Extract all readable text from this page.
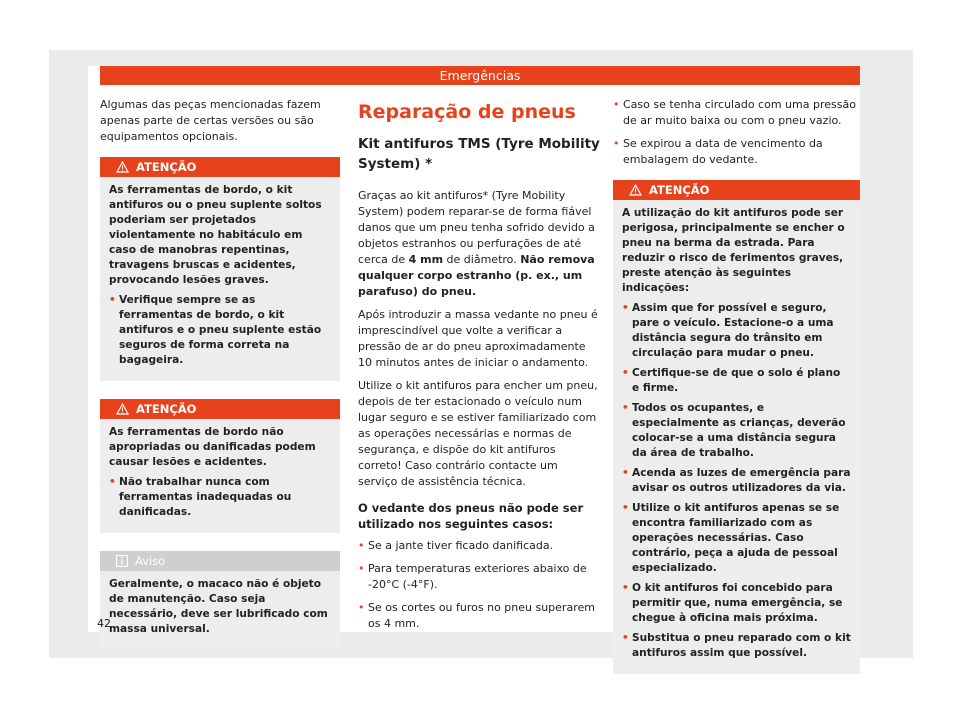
Emergências

Algumas das peças mencionadas fazem apenas parte de certas versões ou são equipamentos opcionais.

ATENÇÃO

As ferramentas de bordo, o kit antifuros ou o pneu suplente soltos poderiam ser projetados violentamente no habitáculo em caso de manobras repentinas, travagens bruscas e acidentes, provocando lesões graves.

• Verifique sempre se as ferramentas de bordo, o kit antifuros e o pneu suplente estão seguros de forma correta na bagageira.

ATENÇÃO

As ferramentas de bordo não apropriadas ou danificadas podem causar lesões e acidentes.

• Não trabalhar nunca com ferramentas inadequadas ou danificadas.

Aviso

Geralmente, o macaco não é objeto de manutenção. Caso seja necessário, deve ser lubrificado com massa universal.

Reparação de pneus
Kit antifuros TMS (Tyre Mobility System) *

Graças ao kit antifuros* (Tyre Mobility System) podem reparar-se de forma fiável danos que um pneu tenha sofrido devido a objetos estranhos ou perfurações de até cerca de 4 mm de diâmetro. Não remova qualquer corpo estranho (p. ex., um parafuso) do pneu.

Após introduzir a massa vedante no pneu é imprescindível que volte a verificar a pressão de ar do pneu aproximadamente 10 minutos antes de iniciar o andamento.

Utilize o kit antifuros para encher um pneu, depois de ter estacionado o veículo num lugar seguro e se estiver familiarizado com as operações necessárias e normas de segurança, e dispõe do kit antifuros correto! Caso contrário contacte um serviço de assistência técnica.

O vedante dos pneus não pode ser utilizado nos seguintes casos:

• Se a jante tiver ficado danificada.

• Para temperaturas exteriores abaixo de -20°C (-4°F).

• Se os cortes ou furos no pneu superarem os 4 mm.

• Caso se tenha circulado com uma pressão de ar muito baixa ou com o pneu vazio.

• Se expirou a data de vencimento da embalagem do vedante.

ATENÇÃO

A utilização do kit antifuros pode ser perigosa, principalmente se encher o pneu na berma da estrada. Para reduzir o risco de ferimentos graves, preste atenção às seguintes indicações:

• Assim que for possível e seguro, pare o veículo. Estacione-o a uma distância segura do trânsito em circulação para mudar o pneu.

• Certifique-se de que o solo é plano e firme.

• Todos os ocupantes, e especialmente as crianças, deverão colocar-se a uma distância segura da área de trabalho.

• Acenda as luzes de emergência para avisar os outros utilizadores da via.

• Utilize o kit antifuros apenas se se encontra familiarizado com as operações necessárias. Caso contrário, peça a ajuda de pessoal especializado.

• O kit antifuros foi concebido para permitir que, numa emergência, se chegue à oficina mais próxima.

• Substitua o pneu reparado com o kit antifuros assim que possível.

42
